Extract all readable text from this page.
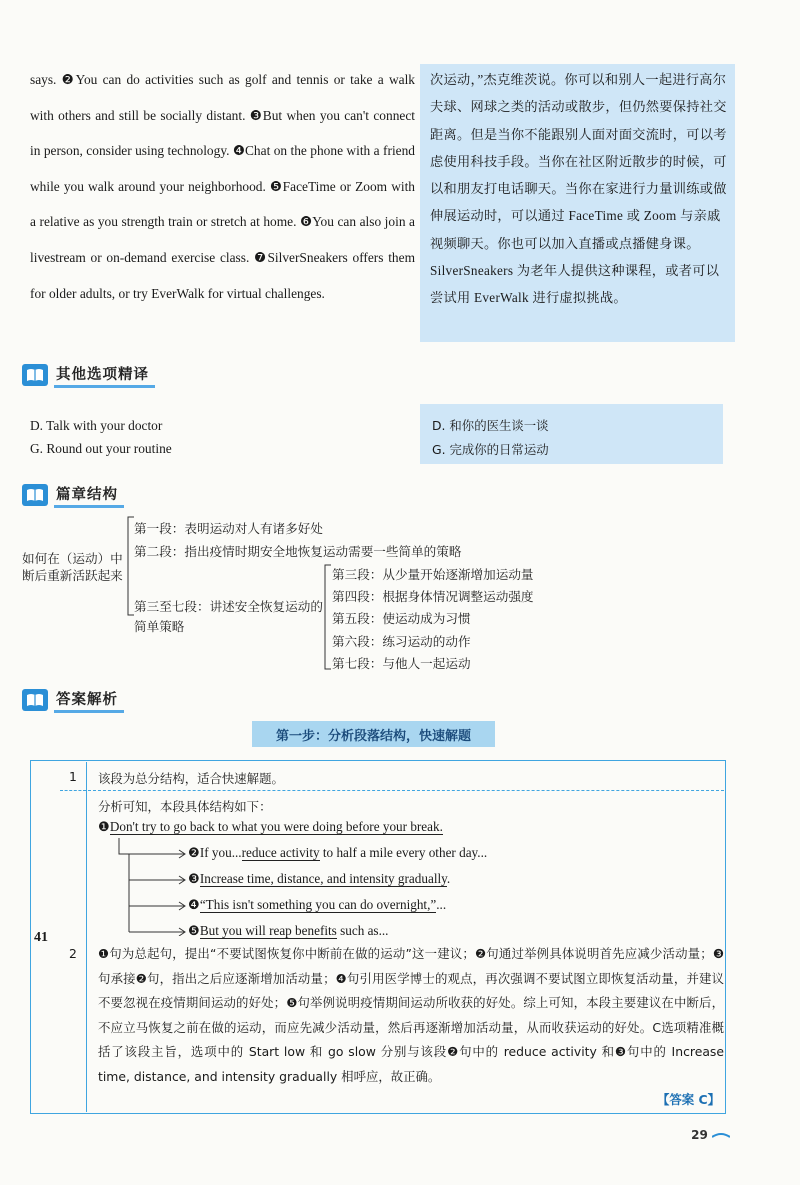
says. ❷You can do activities such as golf and tennis or take a walk with others and still be socially distant. ❸But when you can't connect in person, consider using technology. ❹Chat on the phone with a friend while you walk around your neighborhood. ❺FaceTime or Zoom with a relative as you strength train or stretch at home. ❻You can also join a livestream or on-demand exercise class. ❼SilverSneakers offers them for older adults, or try EverWalk for virtual challenges.
次运动，”杰克维茨说。你可以和别人一起进行高尔夫球、网球之类的活动或散步，但仍然要保持社交距离。但是当你不能跟别人面对面交流时，可以考虑使用科技手段。当你在社区附近散步的时候，可以和朋友打电话聊天。当你在家进行力量训练或做伸展运动时，可以通过 FaceTime 或 Zoom 与亲戚视频聊天。你也可以加入直播或点播健身课。SilverSneakers 为老年人提供这种课程，或者可以尝试用 EverWalk 进行虚拟挑战。
其他选项精译
D. Talk with your doctor
G. Round out your routine
D. 和你的医生谈一谈
G. 完成你的日常运动
篇章结构
如何在（运动）中断后重新活跃起来
第一段：表明运动对人有诸多好处
第二段：指出疫情时期安全地恢复运动需要一些简单的策略
第三至七段：讲述安全恢复运动的简单策略
第三段：从少量开始逐渐增加运动量
第四段：根据身体情况调整运动强度
第五段：使运动成为习惯
第六段：练习运动的动作
第七段：与他人一起运动
答案解析
第一步：分析段落结构，快速解题
41
1 该段为总分结构，适合快速解题。
2
分析可知，本段具体结构如下：
❶Don't try to go back to what you were doing before your break.
❷If you...reduce activity to half a mile every other day...
❸Increase time, distance, and intensity gradually.
❹“This isn't something you can do overnight,”...
❺But you will reap benefits such as...
❶句为总起句，提出“不要试图恢复你中断前在做的运动”这一建议；❷句通过举例具体说明首先应减少活动量；❸句承接❷句，指出之后应逐渐增加活动量；❹句引用医学博士的观点，再次强调不要试图立即恢复活动量，并建议不要忽视在疫情期间运动的好处；❺句举例说明疫情期间运动所收获的好处。综上可知，本段主要建议在中断后，不应立马恢复之前在做的运动，而应先减少活动量，然后再逐渐增加活动量，从而收获运动的好处。C选项精准概括了该段主旨，选项中的 Start low 和 go slow 分别与该段❷句中的 reduce activity 和❸句中的 Increase time, distance, and intensity gradually 相呼应，故正确。
【答案 C】
29
